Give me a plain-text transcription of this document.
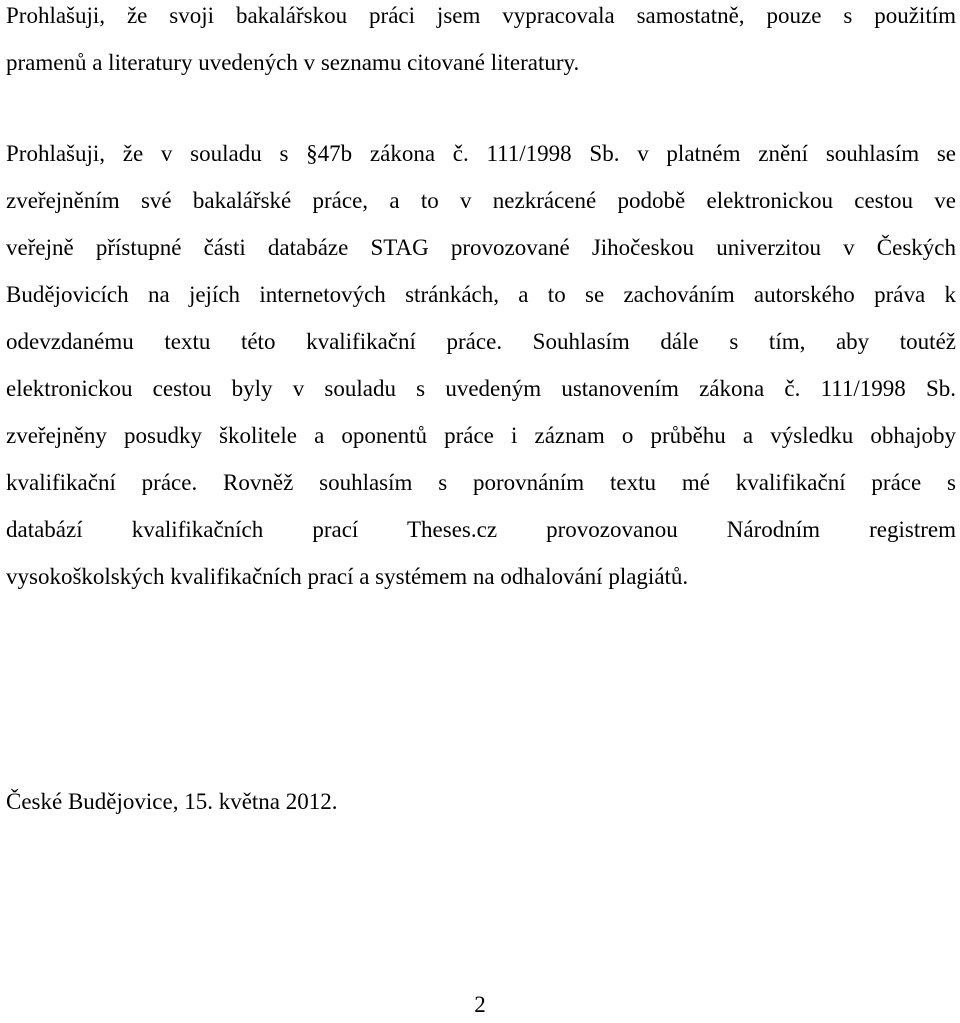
Prohlašuji, že svoji bakalářskou práci jsem vypracovala samostatně, pouze s použitím
pramenů a literatury uvedených v seznamu citované literatury.

Prohlašuji, že v souladu s §47b zákona č. 111/1998 Sb. v platném znění souhlasím se
zveřejněním své bakalářské práce, a to v nezkrácené podobě elektronickou cestou ve
veřejně přístupné části databáze STAG provozované Jihočeskou univerzitou v Českých
Budějovicích na jejích internetových stránkách, a to se zachováním autorského práva k
odevzdanému textu této kvalifikační práce. Souhlasím dále s tím, aby toutéž
elektronickou cestou byly v souladu s uvedeným ustanovením zákona č. 111/1998 Sb.
zveřejněny posudky školitele a oponentů práce i záznam o průběhu a výsledku obhajoby
kvalifikační práce. Rovněž souhlasím s porovnáním textu mé kvalifikační práce s
databází kvalifikačních prací Theses.cz provozovanou Národním registrem
vysokoškolských kvalifikačních prací a systémem na odhalování plagiátů.

České Budějovice, 15. května 2012.

2
